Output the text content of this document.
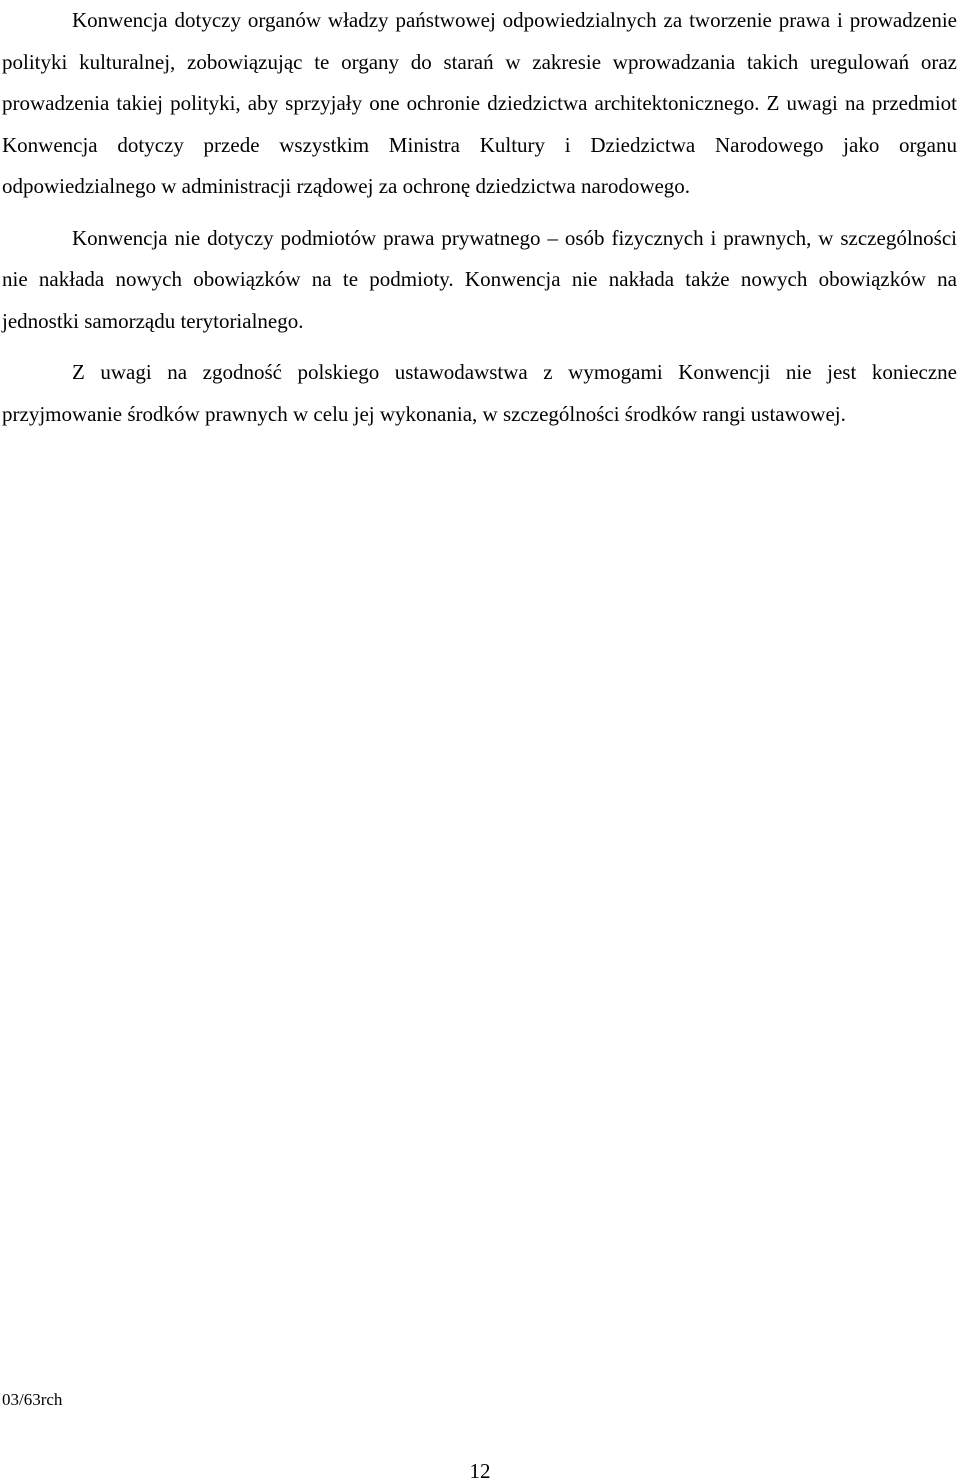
Konwencja dotyczy organów władzy państwowej odpowiedzialnych za tworzenie prawa i prowadzenie polityki kulturalnej, zobowiązując te organy do starań w zakresie wprowadzania takich uregulowań oraz prowadzenia takiej polityki, aby sprzyjały one ochronie dziedzictwa architektonicznego. Z uwagi na przedmiot Konwencja dotyczy przede wszystkim Ministra Kultury i Dziedzictwa Narodowego jako organu odpowiedzialnego w administracji rządowej za ochronę dziedzictwa narodowego.

Konwencja nie dotyczy podmiotów prawa prywatnego – osób fizycznych i prawnych, w szczególności nie nakłada nowych obowiązków na te podmioty. Konwencja nie nakłada także nowych obowiązków na jednostki samorządu terytorialnego.

Z uwagi na zgodność polskiego ustawodawstwa z wymogami Konwencji nie jest konieczne przyjmowanie środków prawnych w celu jej wykonania, w szczególności środków rangi ustawowej.

03/63rch
12
